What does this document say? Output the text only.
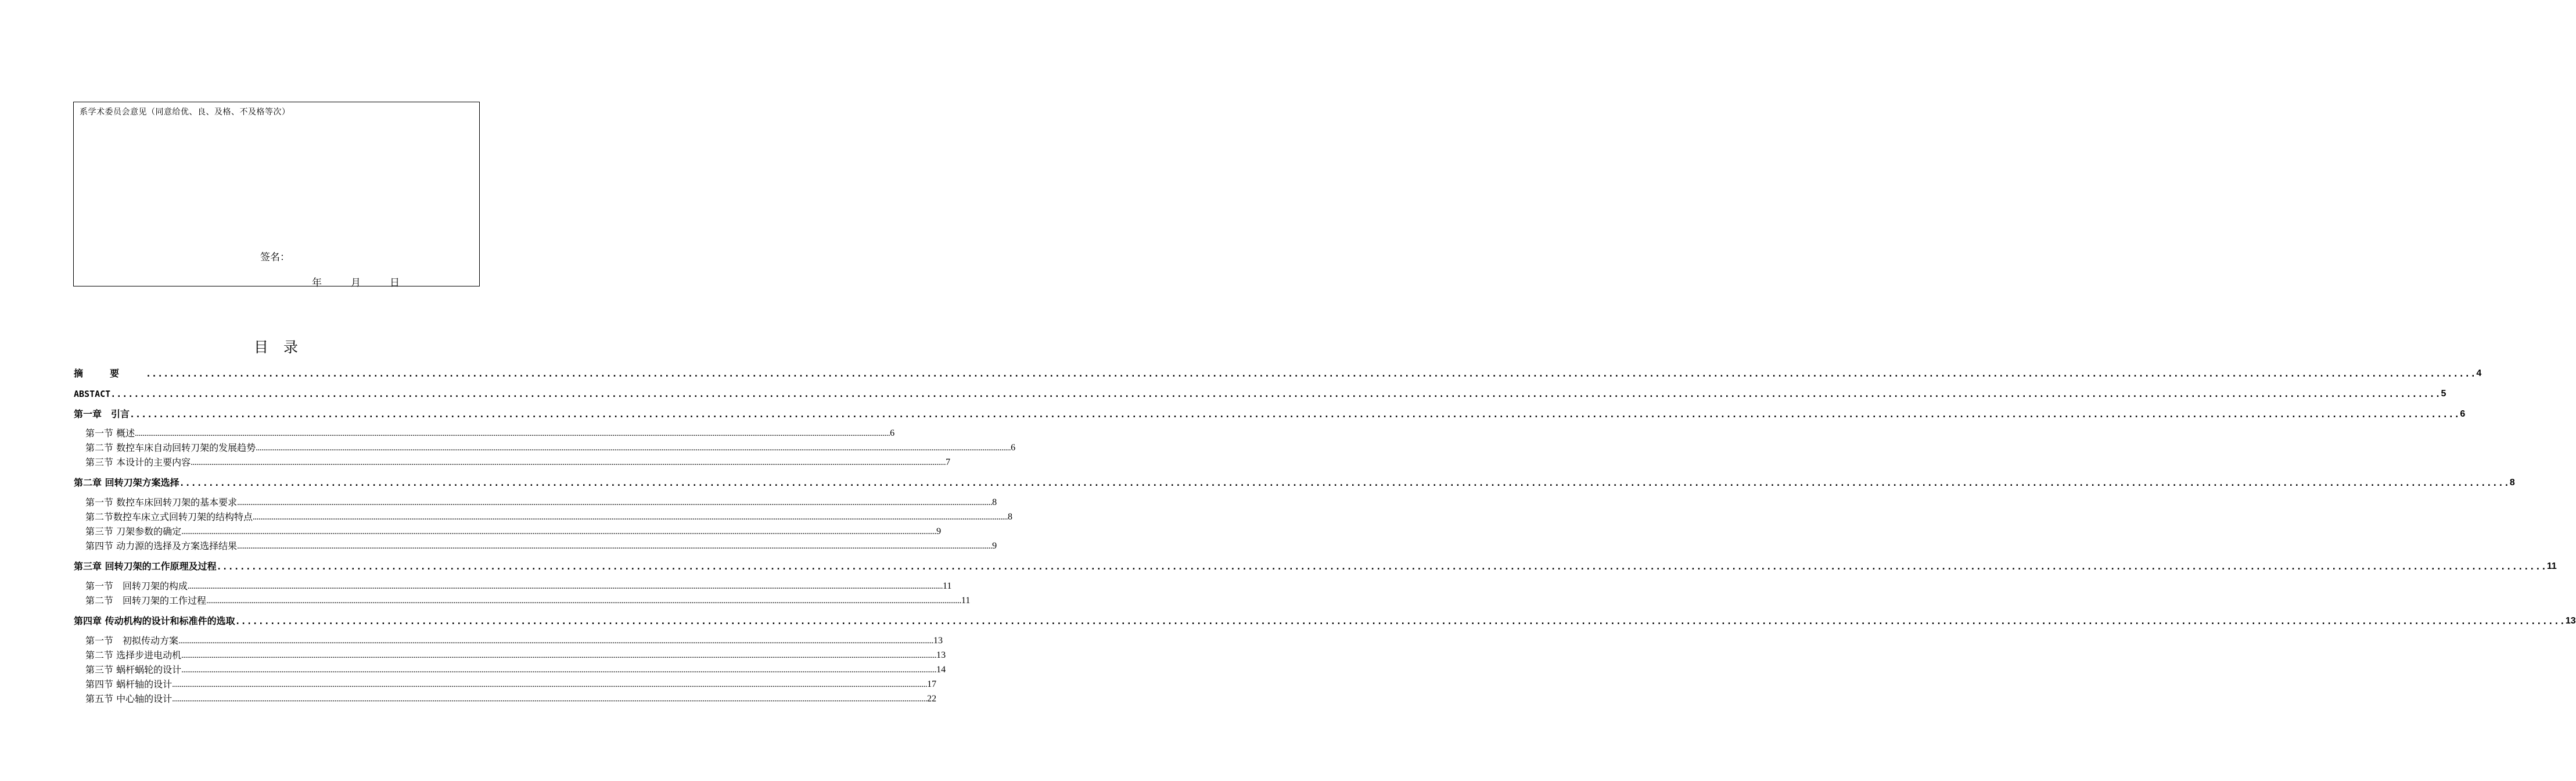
系学术委员会意见（同意给优、良、及格、不及格等次）
签名：
年	月	日
目录
摘要 ................................................................................................................................................................................................................................................................................................................................................................................................................ 4
ABSTACT ................................................................................................................................................................................................................................................................................................................................................................................................................ 5
第一章　引言 ................................................................................................................................................................................................................................................................................................................................................................................................................ 6
第一节 概述 ................................................................................................................................................................................................................................................................................................................................................................................................................ 6
第二节 数控车床自动回转刀架的发展趋势 ................................................................................................................................................................................................................................................................................................................................................................................................................ 6
第三节 本设计的主要内容 ................................................................................................................................................................................................................................................................................................................................................................................................................ 7
第二章 回转刀架方案选择 ................................................................................................................................................................................................................................................................................................................................................................................................................ 8
第一节 数控车床回转刀架的基本要求 ................................................................................................................................................................................................................................................................................................................................................................................................................ 8
第二节数控车床立式回转刀架的结构特点 ................................................................................................................................................................................................................................................................................................................................................................................................................ 8
第三节 刀架参数的确定 ................................................................................................................................................................................................................................................................................................................................................................................................................ 9
第四节 动力源的选择及方案选择结果 ................................................................................................................................................................................................................................................................................................................................................................................................................ 9
第三章 回转刀架的工作原理及过程 ................................................................................................................................................................................................................................................................................................................................................................................................................ 11
第一节　回转刀架的构成 ................................................................................................................................................................................................................................................................................................................................................................................................................ 11
第二节　回转刀架的工作过程 ................................................................................................................................................................................................................................................................................................................................................................................................................ 11
第四章 传动机构的设计和标准件的选取 ................................................................................................................................................................................................................................................................................................................................................................................................................ 13
第一节　初拟传动方案 ................................................................................................................................................................................................................................................................................................................................................................................................................ 13
第二节 选择步进电动机 ................................................................................................................................................................................................................................................................................................................................................................................................................ 13
第三节 蜗杆蜗轮的设计 ................................................................................................................................................................................................................................................................................................................................................................................................................ 14
第四节 蜗杆轴的设计 ................................................................................................................................................................................................................................................................................................................................................................................................................ 17
第五节 中心轴的设计 ................................................................................................................................................................................................................................................................................................................................................................................................................ 22
